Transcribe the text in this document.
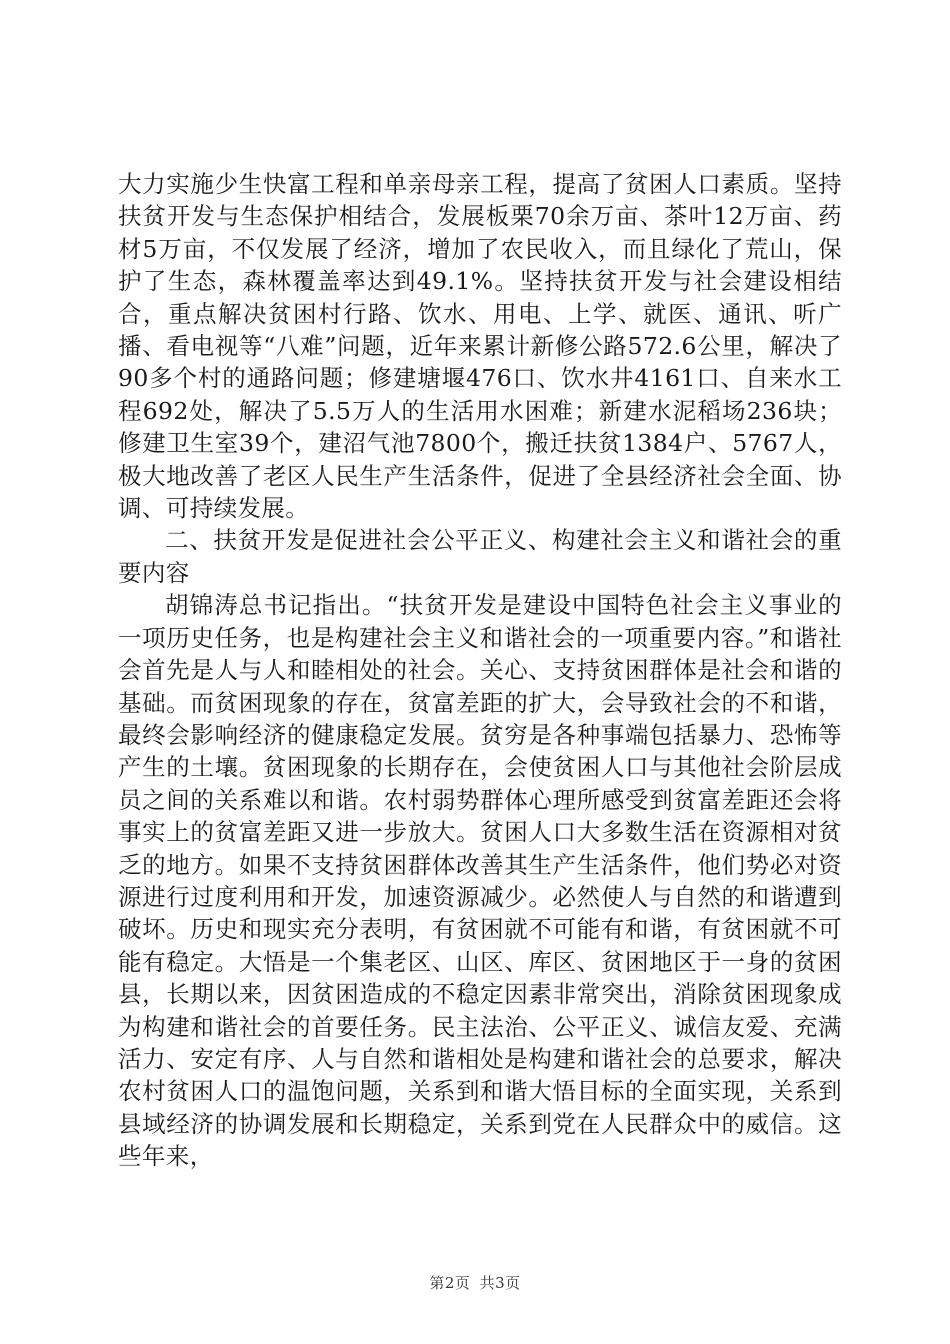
大力实施少生快富工程和单亲母亲工程，提高了贫困人口素质。坚持扶贫开发与生态保护相结合，发展板栗70余万亩、茶叶12万亩、药材5万亩，不仅发展了经济，增加了农民收入，而且绿化了荒山，保护了生态，森林覆盖率达到49.1%。坚持扶贫开发与社会建设相结合，重点解决贫困村行路、饮水、用电、上学、就医、通讯、听广播、看电视等“八难”问题，近年来累计新修公路572.6公里，解决了90多个村的通路问题；修建塘堰476口、饮水井4161口、自来水工程692处，解决了5.5万人的生活用水困难；新建水泥稻场236块；修建卫生室39个，建沼气池7800个，搬迁扶贫1384户、5767人，极大地改善了老区人民生产生活条件，促进了全县经济社会全面、协调、可持续发展。

二、扶贫开发是促进社会公平正义、构建社会主义和谐社会的重要内容

胡锦涛总书记指出。“扶贫开发是建设中国特色社会主义事业的一项历史任务，也是构建社会主义和谐社会的一项重要内容。”和谐社会首先是人与人和睦相处的社会。关心、支持贫困群体是社会和谐的基础。而贫困现象的存在，贫富差距的扩大，会导致社会的不和谐，最终会影响经济的健康稳定发展。贫穷是各种事端包括暴力、恐怖等产生的土壤。贫困现象的长期存在，会使贫困人口与其他社会阶层成员之间的关系难以和谐。农村弱势群体心理所感受到贫富差距还会将事实上的贫富差距又进一步放大。贫困人口大多数生活在资源相对贫乏的地方。如果不支持贫困群体改善其生产生活条件，他们势必对资源进行过度利用和开发，加速资源减少。必然使人与自然的和谐遭到破坏。历史和现实充分表明，有贫困就不可能有和谐，有贫困就不可能有稳定。大悟是一个集老区、山区、库区、贫困地区于一身的贫困县，长期以来，因贫困造成的不稳定因素非常突出，消除贫困现象成为构建和谐社会的首要任务。民主法治、公平正义、诚信友爱、充满活力、安定有序、人与自然和谐相处是构建和谐社会的总要求，解决农村贫困人口的温饱问题，关系到和谐大悟目标的全面实现，关系到县域经济的协调发展和长期稳定，关系到党在人民群众中的威信。这些年来，

第2页 共3页
